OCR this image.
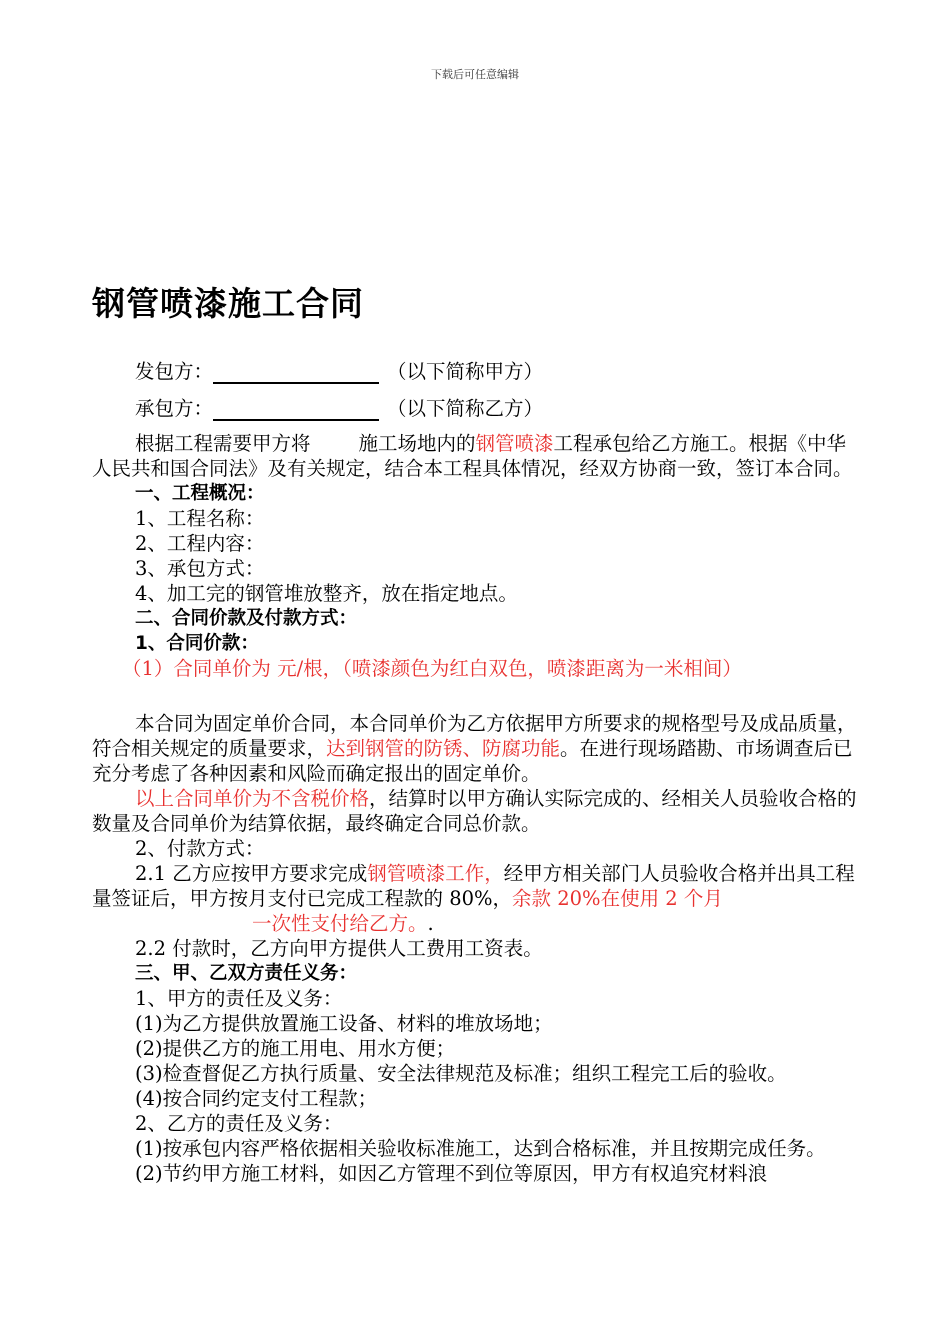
下载后可任意编辑
钢管喷漆施工合同
发包方：	（以下简称甲方）
承包方：	（以下简称乙方）

根据工程需要甲方将 施工场地内的钢管喷漆工程承包给乙方施工。根据《中华人民共和国合同法》及有关规定，结合本工程具体情况，经双方协商一致，签订本合同。

一、工程概况：

1、工程名称：

2、工程内容：

3、承包方式：

4、加工完的钢管堆放整齐，放在指定地点。

二、合同价款及付款方式：

1、合同价款：

（1）合同单价为 元/根，（喷漆颜色为红白双色，喷漆距离为一米相间）

本合同为固定单价合同，本合同单价为乙方依据甲方所要求的规格型号及成品质量，符合相关规定的质量要求，达到钢管的防锈、防腐功能。在进行现场踏勘、市场调查后已充分考虑了各种因素和风险而确定报出的固定单价。

以上合同单价为不含税价格，结算时以甲方确认实际完成的、经相关人员验收合格的数量及合同单价为结算依据，最终确定合同总价款。

2、付款方式：

2.1 乙方应按甲方要求完成钢管喷漆工作，经甲方相关部门人员验收合格并出具工程量签证后，甲方按月支付已完成工程款的 80%，余款 20%在使用 2 个月一次性支付给乙方。.

2.2 付款时，乙方向甲方提供人工费用工资表。

三、甲、乙双方责任义务：

1、甲方的责任及义务：

(1)为乙方提供放置施工设备、材料的堆放场地；

(2)提供乙方的施工用电、用水方便；

(3)检查督促乙方执行质量、安全法律规范及标准；组织工程完工后的验收。

(4)按合同约定支付工程款；

2、乙方的责任及义务：

(1)按承包内容严格依据相关验收标准施工，达到合格标准，并且按期完成任务。

(2)节约甲方施工材料，如因乙方管理不到位等原因，甲方有权追究材料浪
